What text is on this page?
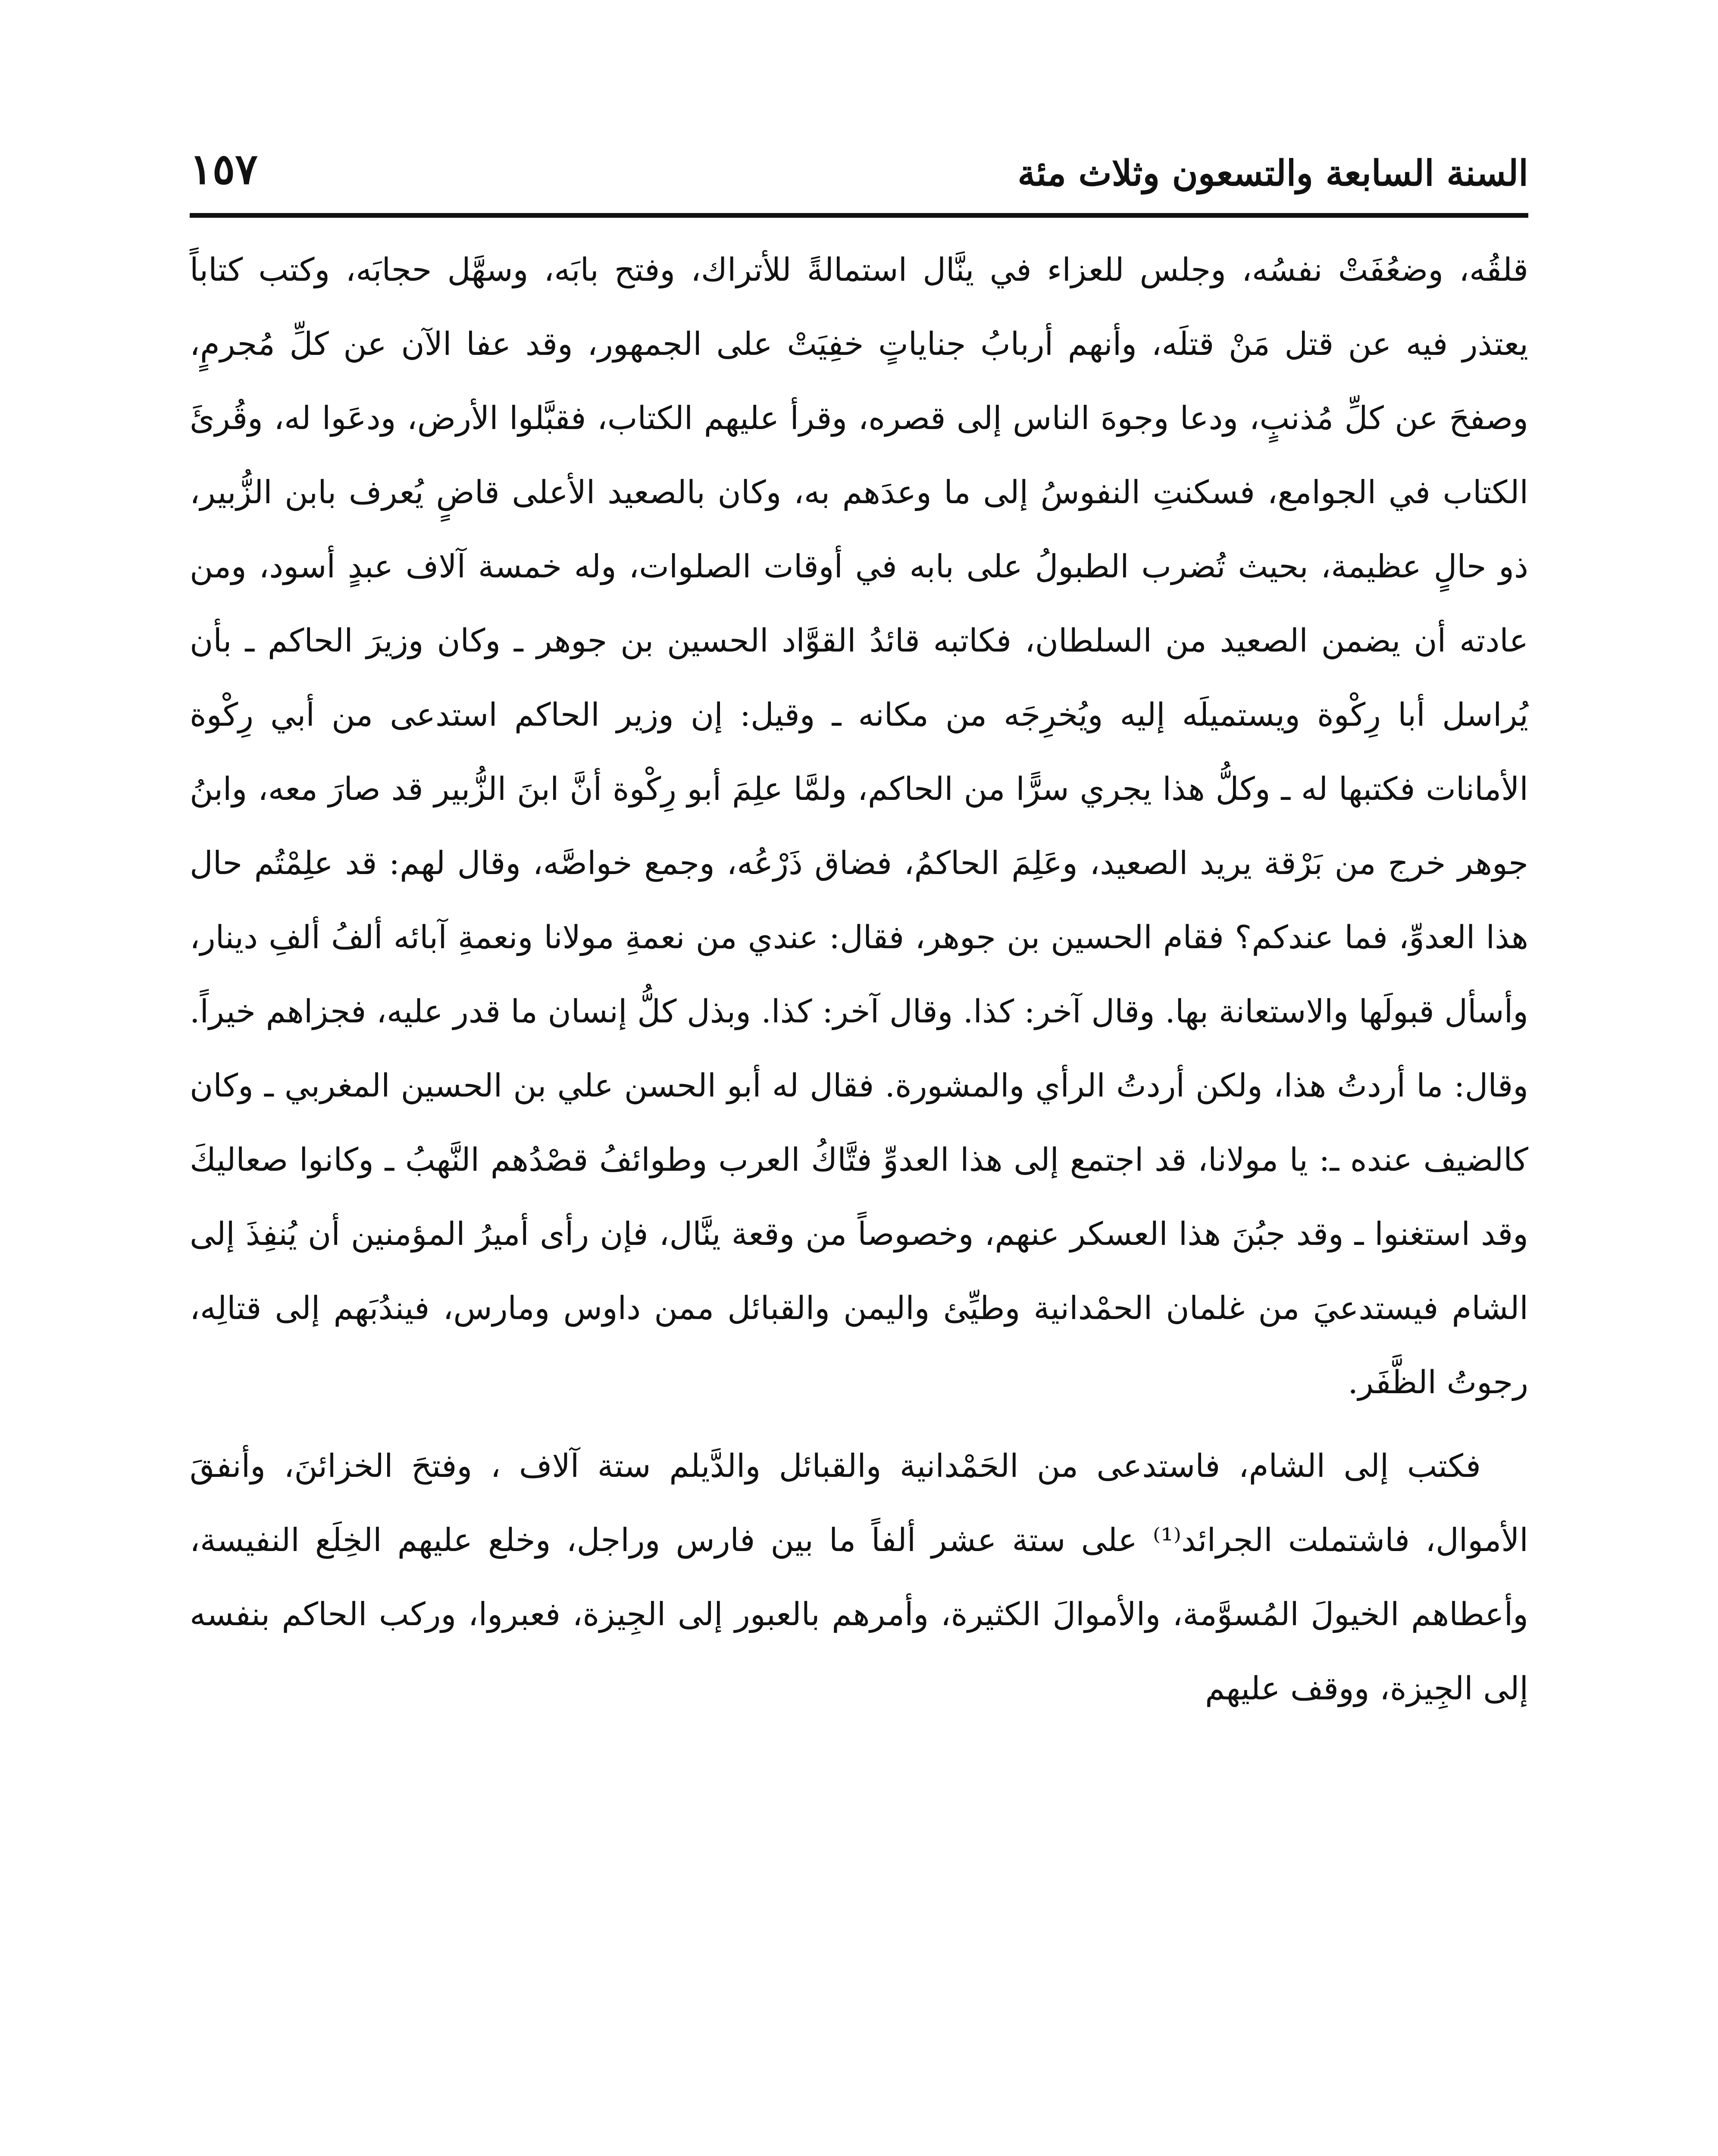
السنة السابعة والتسعون وثلاث مئة
١٥٧

قلقُه، وضعُفَتْ نفسُه، وجلس للعزاء في ينَّال استمالةً للأتراك، وفتح بابَه، وسهَّل حجابَه، وكتب كتاباً يعتذر فيه عن قتل مَنْ قتلَه، وأنهم أربابُ جناياتٍ خفِيَتْ على الجمهور، وقد عفا الآن عن كلِّ مُجرمٍ، وصفحَ عن كلِّ مُذنبٍ، ودعا وجوهَ الناس إلى قصره، وقرأ عليهم الكتاب، فقبَّلوا الأرض، ودعَوا له، وقُرئَ الكتاب في الجوامع، فسكنتِ النفوسُ إلى ما وعدَهم به، وكان بالصعيد الأعلى قاضٍ يُعرف بابن الزُّبير، ذو حالٍ عظيمة، بحيث تُضرب الطبولُ على بابه في أوقات الصلوات، وله خمسة آلاف عبدٍ أسود، ومن عادته أن يضمن الصعيد من السلطان، فكاتبه قائدُ القوَّاد الحسين بن جوهر ـ وكان وزيرَ الحاكم ـ بأن يُراسل أبا رِكْوة ويستميلَه إليه ويُخرِجَه من مكانه ـ وقيل: إن وزير الحاكم استدعى من أبي رِكْوة الأمانات فكتبها له ـ وكلُّ هذا يجري سرًّا من الحاكم، ولمَّا علِمَ أبو رِكْوة أنَّ ابنَ الزُّبير قد صارَ معه، وابنُ جوهر خرج من بَرْقة يريد الصعيد، وعَلِمَ الحاكمُ، فضاق ذَرْعُه، وجمع خواصَّه، وقال لهم: قد علِمْتُم حال هذا العدوِّ، فما عندكم؟ فقام الحسين بن جوهر، فقال: عندي من نعمةِ مولانا ونعمةِ آبائه ألفُ ألفِ دينار، وأسأل قبولَها والاستعانة بها. وقال آخر: كذا. وقال آخر: كذا. وبذل كلُّ إنسان ما قدر عليه، فجزاهم خيراً. وقال: ما أردتُ هذا، ولكن أردتُ الرأي والمشورة. فقال له أبو الحسن علي بن الحسين المغربي ـ وكان كالضيف عنده ـ: يا مولانا، قد اجتمع إلى هذا العدوِّ فتَّاكُ العرب وطوائفُ قصْدُهم النَّهبُ ـ وكانوا صعاليكَ وقد استغنوا ـ وقد جبُنَ هذا العسكر عنهم، وخصوصاً من وقعة ينَّال، فإن رأى أميرُ المؤمنين أن يُنفِذَ إلى الشام فيستدعيَ من غلمان الحمْدانية وطيِّئ واليمن والقبائل ممن داوس ومارس، فيندُبَهم إلى قتالِه، رجوتُ الظَّفَر.

فكتب إلى الشام، فاستدعى من الحَمْدانية والقبائل والدَّيلم ستة آلاف ، وفتحَ الخزائنَ، وأنفقَ الأموال، فاشتملت الجرائد⁽¹⁾ على ستة عشر ألفاً ما بين فارس وراجل، وخلع عليهم الخِلَع النفيسة، وأعطاهم الخيولَ المُسوَّمة، والأموالَ الكثيرة، وأمرهم بالعبور إلى الجِيزة، فعبروا، وركب الحاكم بنفسه إلى الجِيزة، ووقف عليهم
